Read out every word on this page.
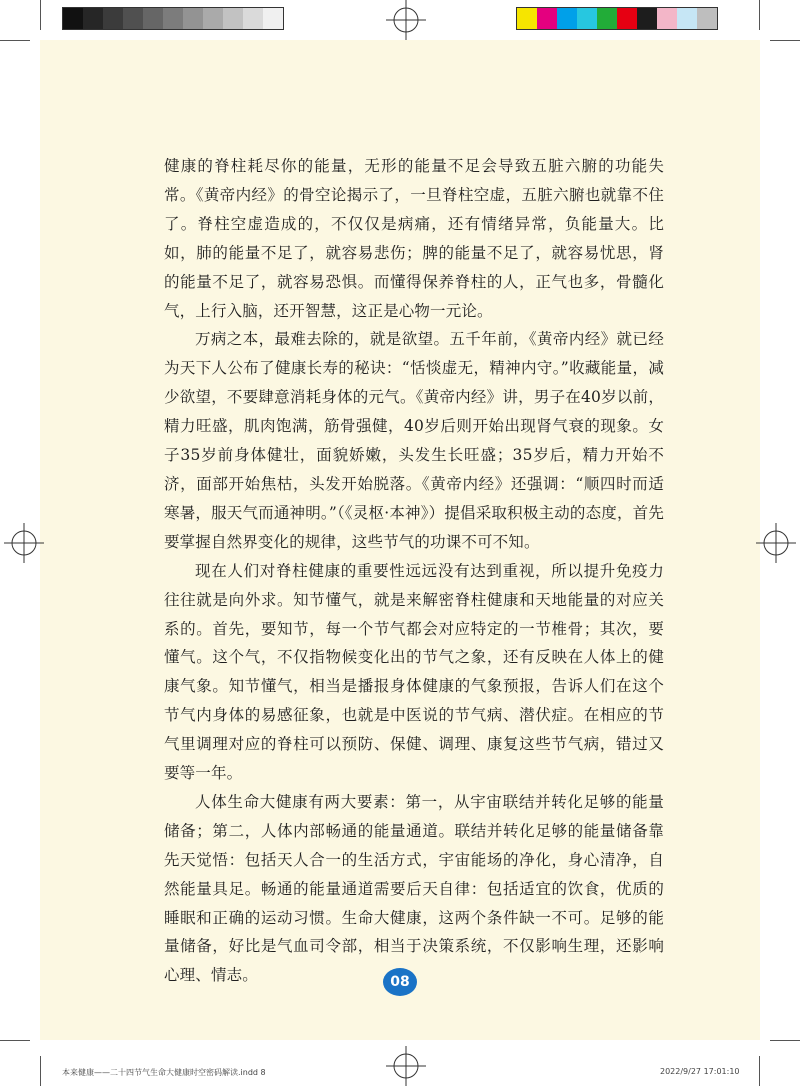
健康的脊柱耗尽你的能量，无形的能量不足会导致五脏六腑的功能失常。《黄帝内经》的骨空论揭示了，一旦脊柱空虚，五脏六腑也就靠不住了。脊柱空虚造成的，不仅仅是病痛，还有情绪异常，负能量大。比如，肺的能量不足了，就容易悲伤；脾的能量不足了，就容易忧思，肾的能量不足了，就容易恐惧。而懂得保养脊柱的人，正气也多，骨髓化气，上行入脑，还开智慧，这正是心物一元论。

万病之本，最难去除的，就是欲望。五千年前，《黄帝内经》就已经为天下人公布了健康长寿的秘诀：“恬惔虚无，精神内守。”收藏能量，减少欲望，不要肆意消耗身体的元气。《黄帝内经》讲，男子在40岁以前，精力旺盛，肌肉饱满，筋骨强健，40岁后则开始出现肾气衰的现象。女子35岁前身体健壮，面貌娇嫩，头发生长旺盛；35岁后，精力开始不济，面部开始焦枯，头发开始脱落。《黄帝内经》还强调：“顺四时而适寒暑，服天气而通神明。”（《灵枢·本神》）提倡采取积极主动的态度，首先要掌握自然界变化的规律，这些节气的功课不可不知。

现在人们对脊柱健康的重要性远远没有达到重视，所以提升免疫力往往就是向外求。知节懂气，就是来解密脊柱健康和天地能量的对应关系的。首先，要知节，每一个节气都会对应特定的一节椎骨；其次，要懂气。这个气，不仅指物候变化出的节气之象，还有反映在人体上的健康气象。知节懂气，相当是播报身体健康的气象预报，告诉人们在这个节气内身体的易感征象，也就是中医说的节气病、潜伏症。在相应的节气里调理对应的脊柱可以预防、保健、调理、康复这些节气病，错过又要等一年。

人体生命大健康有两大要素：第一，从宇宙联结并转化足够的能量储备；第二，人体内部畅通的能量通道。联结并转化足够的能量储备靠先天觉悟：包括天人合一的生活方式，宇宙能场的净化，身心清净，自然能量具足。畅通的能量通道需要后天自律：包括适宜的饮食，优质的睡眠和正确的运动习惯。生命大健康，这两个条件缺一不可。足够的能量储备，好比是气血司令部，相当于决策系统，不仅影响生理，还影响心理、情志。	08
本来健康——二十四节气生命大健康时空密码解读.indd 8	2022/9/27 17:01:10
